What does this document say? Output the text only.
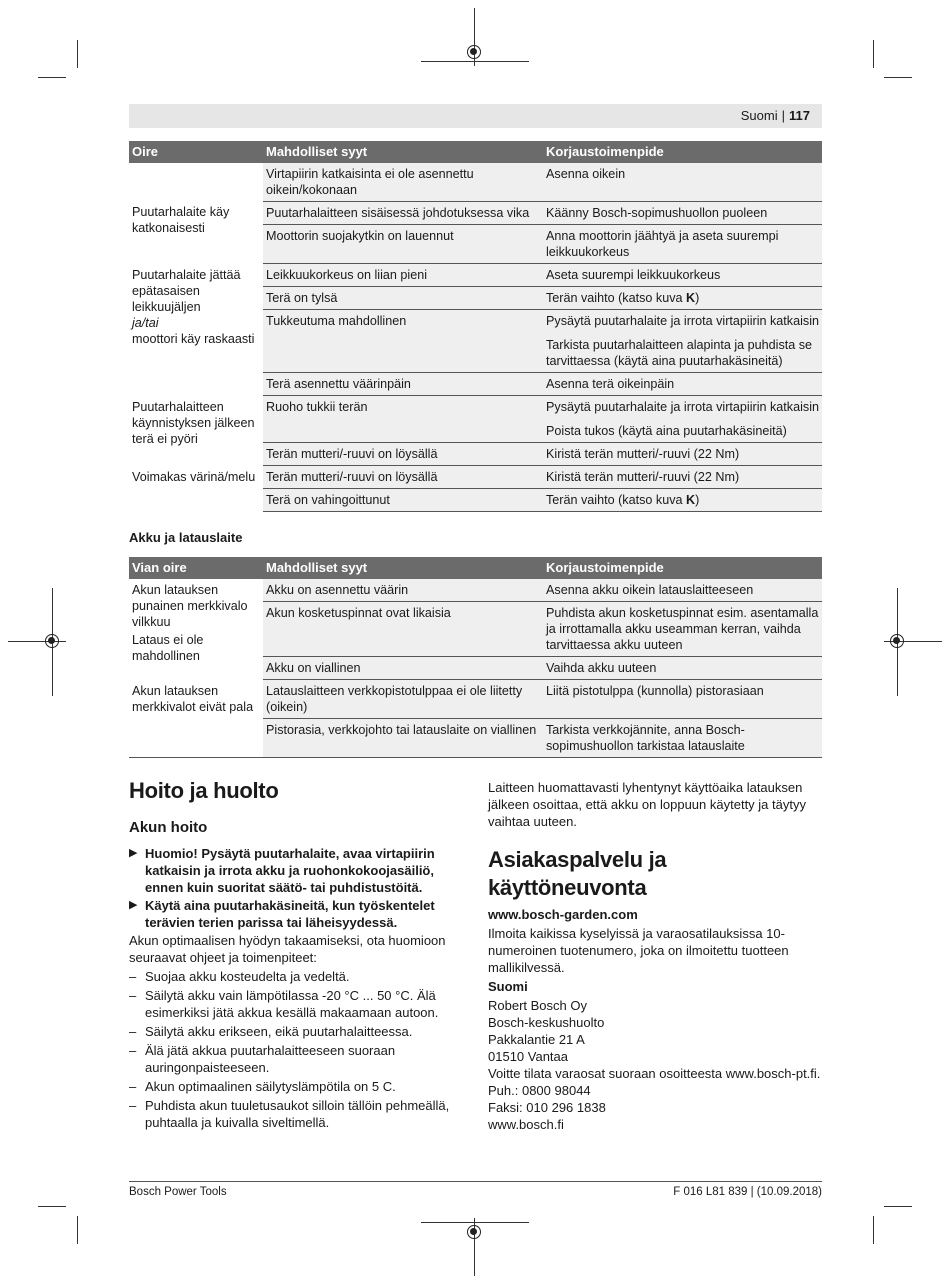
Suomi | 117
Oire	Mahdolliset syyt	Korjaustoimenpide

Puutarhalaite käy katkonaisesti	Virtapiirin katkaisinta ei ole asennettu oikein/kokonaan	Asenna oikein
	Puutarhalaitteen sisäisessä johdotuksessa vika	Käänny Bosch-sopimushuollon puoleen
	Moottorin suojakytkin on lauennut	Anna moottorin jäähtyä ja aseta suurempi leikkuukorkeus
Puutarhalaite jättää epätasaisen leikkuujäljen
ja/tai
moottori käy raskaasti	Leikkuukorkeus on liian pieni	Aseta suurempi leikkuukorkeus
	Terä on tylsä	Terän vaihto (katso kuva K)
	Tukkeutuma mahdollinen	Pysäytä puutarhalaite ja irrota virtapiirin katkaisin
		Tarkista puutarhalaitteen alapinta ja puhdista se tarvittaessa (käytä aina puutarhakäsineitä)
	Terä asennettu väärinpäin	Asenna terä oikeinpäin
Puutarhalaitteen käynnistyksen jälkeen terä ei pyöri	Ruoho tukkii terän	Pysäytä puutarhalaite ja irrota virtapiirin katkaisin
		Poista tukos (käytä aina puutarhakäsineitä)
	Terän mutteri/-ruuvi on löysällä	Kiristä terän mutteri/-ruuvi (22 Nm)
Voimakas värinä/melu	Terän mutteri/-ruuvi on löysällä	Kiristä terän mutteri/-ruuvi (22 Nm)
	Terä on vahingoittunut	Terän vaihto (katso kuva K)
Akku ja latauslaite
Vian oire	Mahdolliset syyt	Korjaustoimenpide
Akun latauksen punainen merkkivalo vilkkuu
Lataus ei ole mahdollinen	Akku on asennettu väärin	Asenna akku oikein latauslaitteeseen
	Akun kosketuspinnat ovat likaisia	Puhdista akun kosketuspinnat esim. asentamalla ja irrottamalla akku useamman kerran, vaihda tarvittaessa akku uuteen
	Akku on viallinen	Vaihda akku uuteen
Akun latauksen merkkivalot eivät pala	Latauslaitteen verkkopistotulppaa ei ole liitetty (oikein)	Liitä pistotulppa (kunnolla) pistorasiaan
	Pistorasia, verkkojohto tai latauslaite on viallinen	Tarkista verkkojännite, anna Bosch-sopimushuollon tarkistaa latauslaite
Hoito ja huolto
Akun hoito

▶ Huomio! Pysäytä puutarhalaite, avaa virtapiirin katkaisin ja irrota akku ja ruohonkokoojasäiliö, ennen kuin suoritat säätö- tai puhdistustöitä.

▶ Käytä aina puutarhakäsineitä, kun työskentelet terävien terien parissa tai läheisyydessä.

Akun optimaalisen hyödyn takaamiseksi, ota huomioon seuraavat ohjeet ja toimenpiteet:

– Suojaa akku kosteudelta ja vedeltä.

– Säilytä akku vain lämpötilassa -20 °C ... 50 °C. Älä esimerkiksi jätä akkua kesällä makaamaan autoon.

– Säilytä akku erikseen, eikä puutarhalaitteessa.

– Älä jätä akkua puutarhalaitteeseen suoraan auringonpaisteeseen.

– Akun optimaalinen säilytyslämpötila on 5 C.

– Puhdista akun tuuletusaukot silloin tällöin pehmeällä, puhtaalla ja kuivalla siveltimellä.

Laitteen huomattavasti lyhentynyt käyttöaika latauksen jälkeen osoittaa, että akku on loppuun käytetty ja täytyy vaihtaa uuteen.

Asiakaspalvelu ja käyttöneuvonta

www.bosch-garden.com

Ilmoita kaikissa kyselyissä ja varaosatilauksissa 10-numeroinen tuotenumero, joka on ilmoitettu tuotteen mallikilvessä.

Suomi

Robert Bosch Oy

Bosch-keskushuolto

Pakkalantie 21 A

01510 Vantaa

Voitte tilata varaosat suoraan osoitteesta www.bosch-pt.fi.

Puh.: 0800 98044

Faksi: 010 296 1838

www.bosch.fi

Bosch Power Tools	F 016 L81 839 | (10.09.2018)
